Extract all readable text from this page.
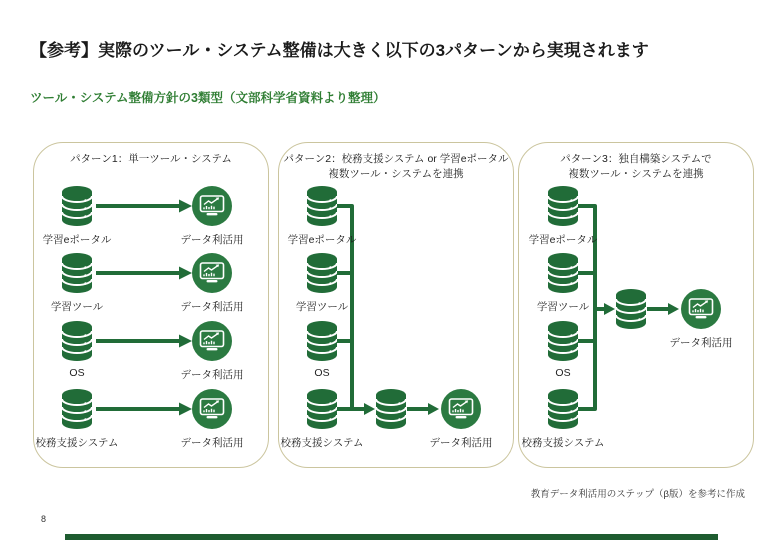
【参考】実際のツール・システム整備は大きく以下の3パターンから実現されます
ツール・システム整備方針の3類型（文部科学省資料より整理）
パターン1：単一ツール・システム
学習eポータル
学習ツール
OS
校務支援システム
データ利活用
データ利活用
データ利活用
データ利活用
パターン2：校務支援システム or 学習eポータル
複数ツール・システムを連携
学習eポータル
学習ツール
OS
校務支援システム	データ利活用
パターン3：独自構築システムで
複数ツール・システムを連携
学習eポータル
学習ツール
OS
校務支援システム
データ利活用
教育データ利活用のステップ（β版）を参考に作成
8
